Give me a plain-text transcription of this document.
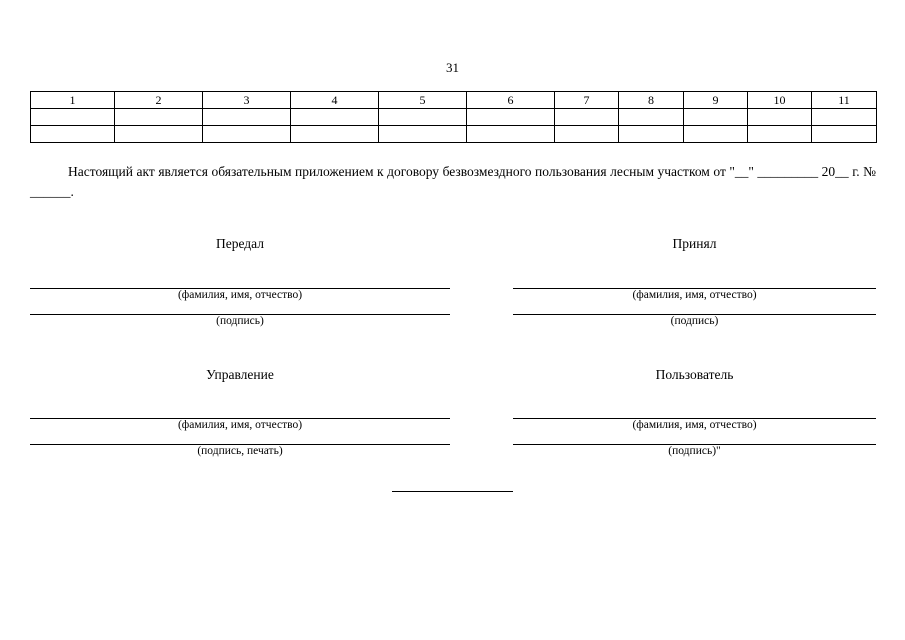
31
1	2	3	4	5	6	7	8	9	10	11

Настоящий акт является обязательным приложением к договору безвозмездного пользования лесным участком от "__" _________ 20__ г. № ______.
Передал
(фамилия, имя, отчество)
(подпись)
Принял
(фамилия, имя, отчество)
(подпись)
Управление
(фамилия, имя, отчество)
(подпись, печать)
Пользователь
(фамилия, имя, отчество)
(подпись)"
